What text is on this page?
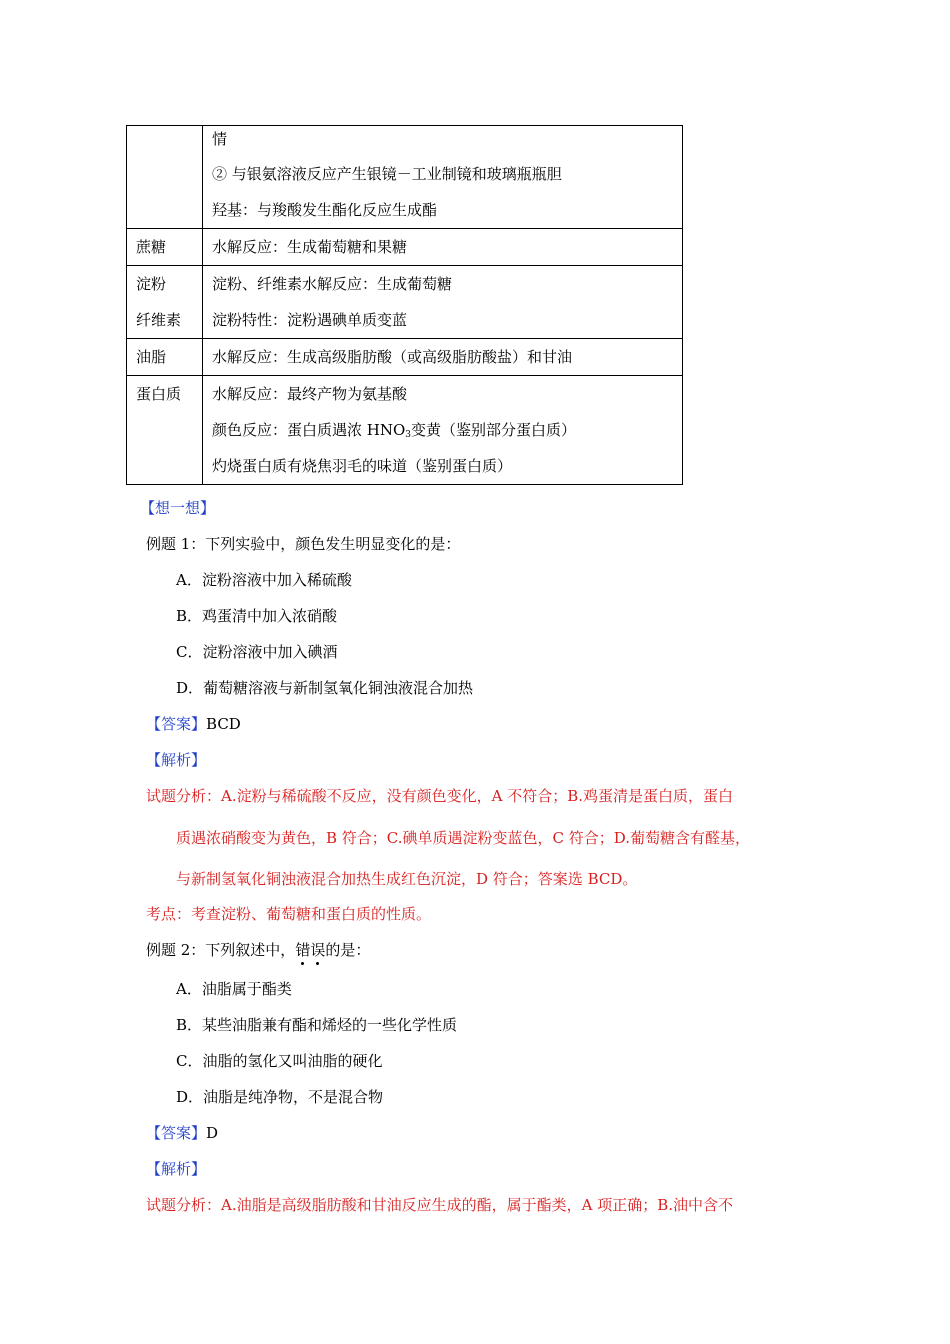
	情
② 与银氨溶液反应产生银镜－工业制镜和玻璃瓶瓶胆
羟基：与羧酸发生酯化反应生成酯

蔗糖	水解反应：生成葡萄糖和果糖

淀粉
纤维素	淀粉、纤维素水解反应：生成葡萄糖
淀粉特性：淀粉遇碘单质变蓝

油脂	水解反应：生成高级脂肪酸（或高级脂肪酸盐）和甘油

蛋白质	水解反应：最终产物为氨基酸
颜色反应：蛋白质遇浓 $HNO_3$变黄（鉴别部分蛋白质）
灼烧蛋白质有烧焦羽毛的味道（鉴别蛋白质）
【想一想】
例题 1：下列实验中，颜色发生明显变化的是：
A．淀粉溶液中加入稀硫酸
B．鸡蛋清中加入浓硝酸
C．淀粉溶液中加入碘酒
D．葡萄糖溶液与新制氢氧化铜浊液混合加热
【答案】BCD
【解析】
试题分析：A.淀粉与稀硫酸不反应，没有颜色变化，A 不符合；B.鸡蛋清是蛋白质，蛋白
质遇浓硝酸变为黄色，B 符合；C.碘单质遇淀粉变蓝色，C 符合；D.葡萄糖含有醛基，
与新制氢氧化铜浊液混合加热生成红色沉淀，D 符合；答案选 BCD。
考点：考查淀粉、葡萄糖和蛋白质的性质。
例题 2：下列叙述中，错误的是：
A．油脂属于酯类
B．某些油脂兼有酯和烯烃的一些化学性质
C．油脂的氢化又叫油脂的硬化
D．油脂是纯净物，不是混合物
【答案】D
【解析】
试题分析：A.油脂是高级脂肪酸和甘油反应生成的酯，属于酯类，A 项正确；B.油中含不
